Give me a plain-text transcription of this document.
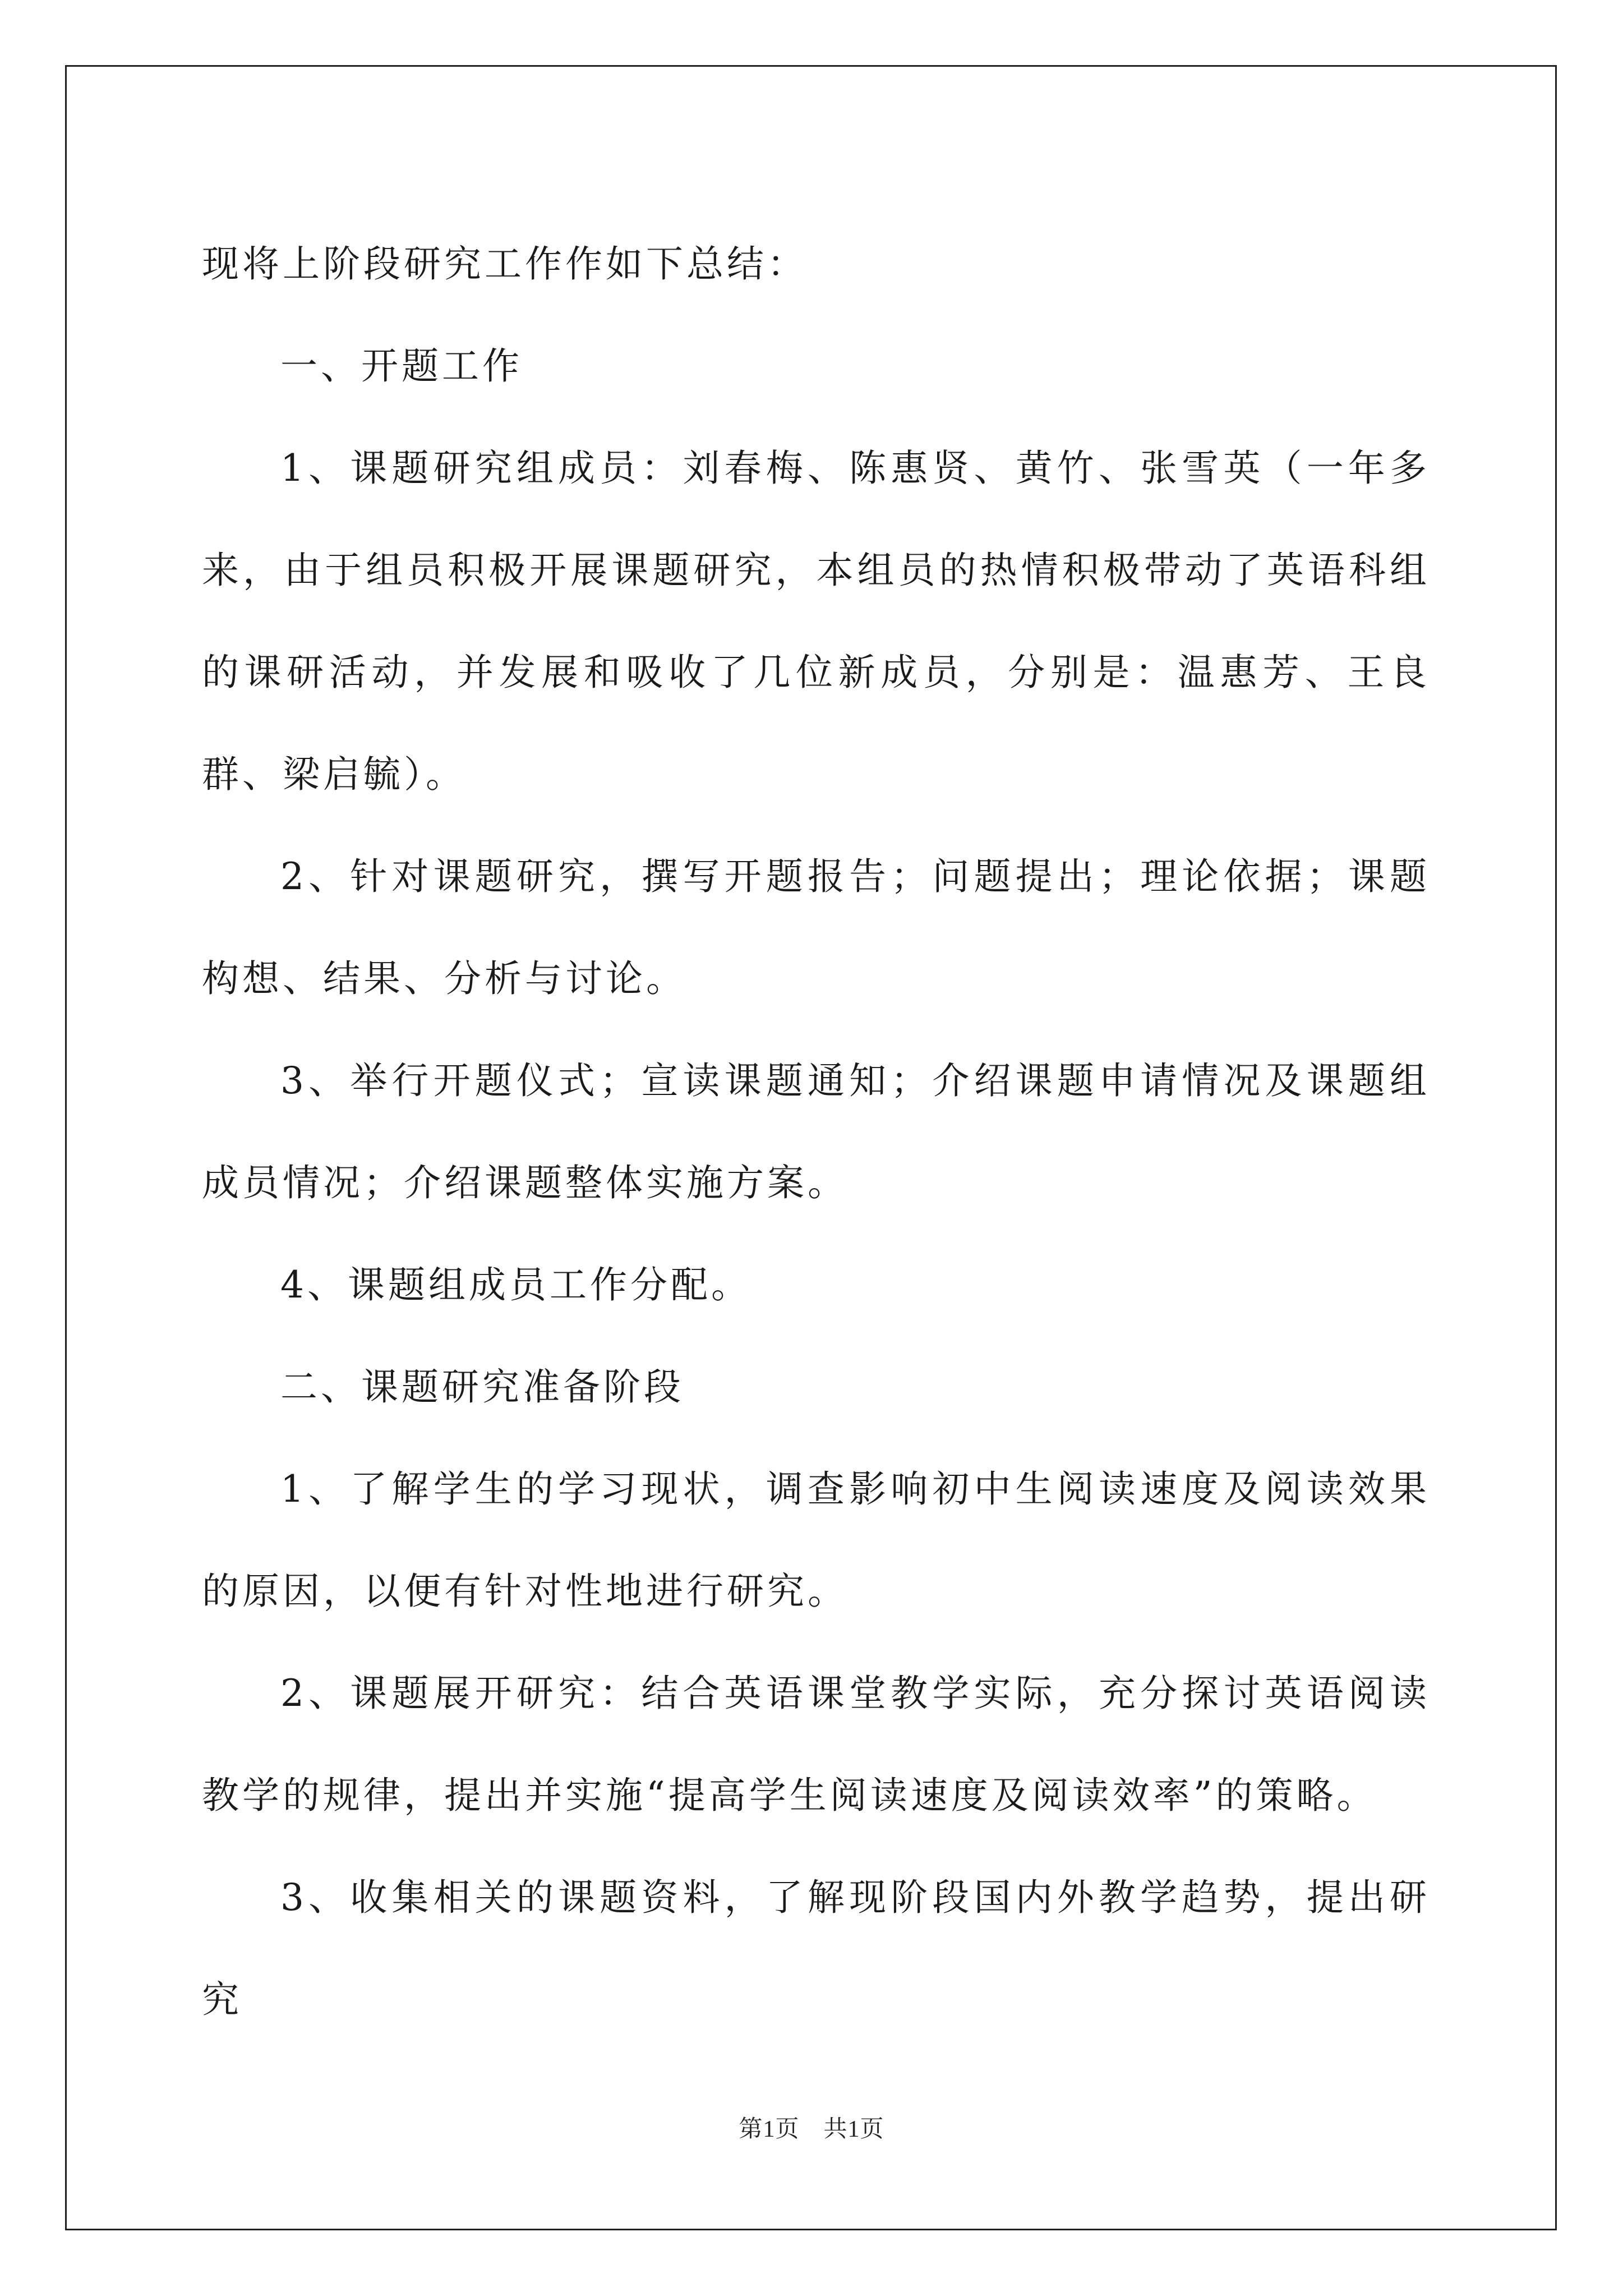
现将上阶段研究工作作如下总结：

一、开题工作

1、课题研究组成员：刘春梅、陈惠贤、黄竹、张雪英（一年多来，由于组员积极开展课题研究，本组员的热情积极带动了英语科组的课研活动，并发展和吸收了几位新成员，分别是：温惠芳、王良群、梁启毓）。

2、针对课题研究，撰写开题报告；问题提出；理论依据；课题构想、结果、分析与讨论。

3、举行开题仪式；宣读课题通知；介绍课题申请情况及课题组成员情况；介绍课题整体实施方案。

4、课题组成员工作分配。

二、课题研究准备阶段

1、了解学生的学习现状，调查影响初中生阅读速度及阅读效果的原因，以便有针对性地进行研究。

2、课题展开研究：结合英语课堂教学实际，充分探讨英语阅读教学的规律，提出并实施“提高学生阅读速度及阅读效率”的策略。

3、收集相关的课题资料，了解现阶段国内外教学趋势，提出研究

第1页　共1页
